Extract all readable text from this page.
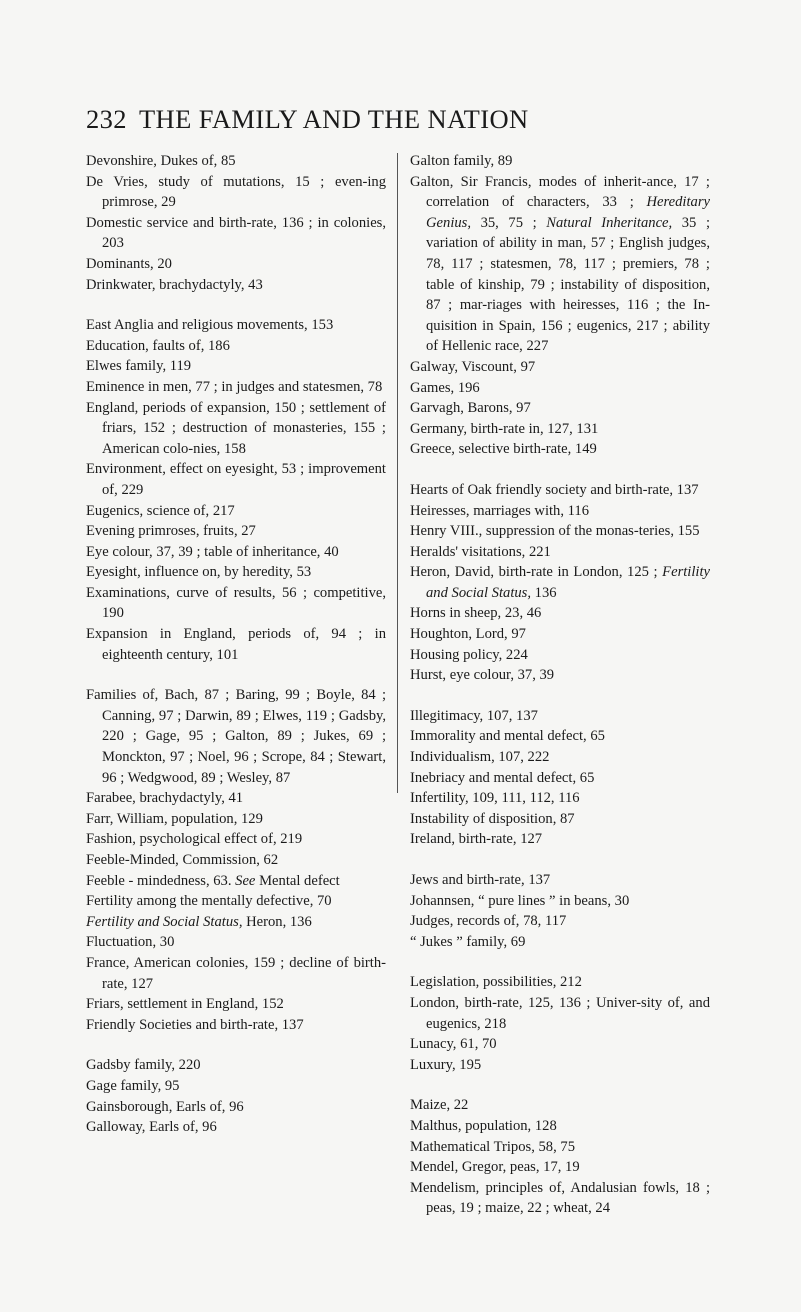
232 THE FAMILY AND THE NATION

Devonshire, Dukes of, 85

De Vries, study of mutations, 15 ; even-ing primrose, 29

Domestic service and birth-rate, 136 ; in colonies, 203

Dominants, 20

Drinkwater, brachydactyly, 43

East Anglia and religious movements, 153

Education, faults of, 186

Elwes family, 119

Eminence in men, 77 ; in judges and statesmen, 78

England, periods of expansion, 150 ; settlement of friars, 152 ; destruction of monasteries, 155 ; American colo-nies, 158

Environment, effect on eyesight, 53 ; improvement of, 229

Eugenics, science of, 217

Evening primroses, fruits, 27

Eye colour, 37, 39 ; table of inheritance, 40

Eyesight, influence on, by heredity, 53

Examinations, curve of results, 56 ; competitive, 190

Expansion in England, periods of, 94 ; in eighteenth century, 101

Families of, Bach, 87 ; Baring, 99 ; Boyle, 84 ; Canning, 97 ; Darwin, 89 ; Elwes, 119 ; Gadsby, 220 ; Gage, 95 ; Galton, 89 ; Jukes, 69 ; Monckton, 97 ; Noel, 96 ; Scrope, 84 ; Stewart, 96 ; Wedgwood, 89 ; Wesley, 87

Farabee, brachydactyly, 41

Farr, William, population, 129

Fashion, psychological effect of, 219

Feeble-Minded, Commission, 62

Feeble - mindedness, 63. See Mental defect

Fertility among the mentally defective, 70

Fertility and Social Status, Heron, 136

Fluctuation, 30

France, American colonies, 159 ; decline of birth-rate, 127

Friars, settlement in England, 152

Friendly Societies and birth-rate, 137

Gadsby family, 220

Gage family, 95

Gainsborough, Earls of, 96

Galloway, Earls of, 96

Galton family, 89

Galton, Sir Francis, modes of inherit-ance, 17 ; correlation of characters, 33 ; Hereditary Genius, 35, 75 ; Natural Inheritance, 35 ; variation of ability in man, 57 ; English judges, 78, 117 ; statesmen, 78, 117 ; premiers, 78 ; table of kinship, 79 ; instability of disposition, 87 ; mar-riages with heiresses, 116 ; the In-quisition in Spain, 156 ; eugenics, 217 ; ability of Hellenic race, 227

Galway, Viscount, 97

Games, 196

Garvagh, Barons, 97

Germany, birth-rate in, 127, 131

Greece, selective birth-rate, 149

Hearts of Oak friendly society and birth-rate, 137

Heiresses, marriages with, 116

Henry VIII., suppression of the monas-teries, 155

Heralds' visitations, 221

Heron, David, birth-rate in London, 125 ; Fertility and Social Status, 136

Horns in sheep, 23, 46

Houghton, Lord, 97

Housing policy, 224

Hurst, eye colour, 37, 39

Illegitimacy, 107, 137

Immorality and mental defect, 65

Individualism, 107, 222

Inebriacy and mental defect, 65

Infertility, 109, 111, 112, 116

Instability of disposition, 87

Ireland, birth-rate, 127

Jews and birth-rate, 137

Johannsen, “ pure lines ” in beans, 30

Judges, records of, 78, 117

“ Jukes ” family, 69

Legislation, possibilities, 212

London, birth-rate, 125, 136 ; Univer-sity of, and eugenics, 218

Lunacy, 61, 70

Luxury, 195

Maize, 22

Malthus, population, 128

Mathematical Tripos, 58, 75

Mendel, Gregor, peas, 17, 19

Mendelism, principles of, Andalusian fowls, 18 ; peas, 19 ; maize, 22 ; wheat, 24
